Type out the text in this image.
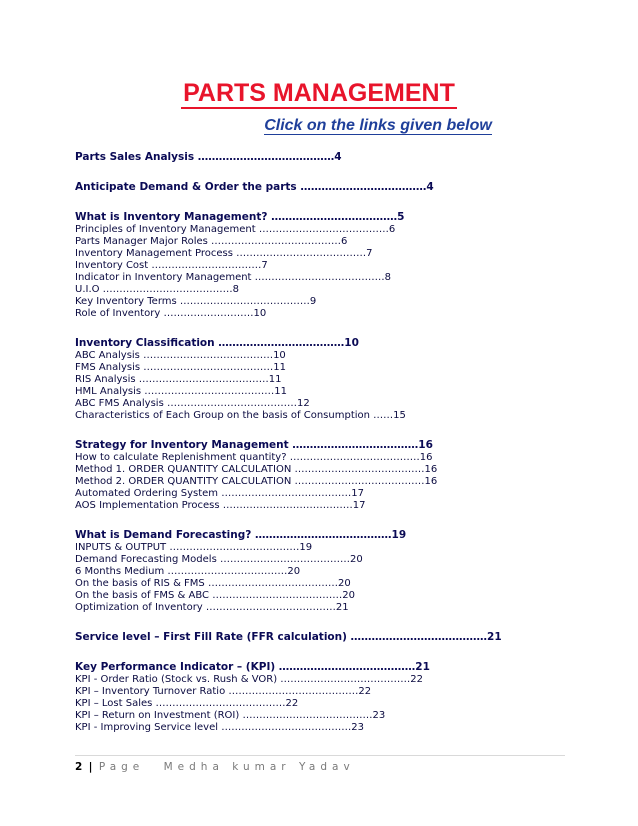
PARTS MANAGEMENT
Click on the links given below
Parts Sales Analysis …………………………………4
Anticipate Demand & Order the parts ………………………………4
What is Inventory Management? ………………………………5
Principles of Inventory Management …………………………………6
Parts Manager Major Roles …………………………………6
Inventory Management Process …………………………………7
Inventory Cost ……………………………7
Indicator in Inventory Management …………………………………8
U.I.O …………………………………8
Key Inventory Terms …………………………………9
Role of Inventory ………………………10
Inventory Classification ………………………………10
ABC Analysis …………………………………10
FMS Analysis …………………………………11
RIS Analysis …………………………………11
HML Analysis …………………………………11
ABC FMS Analysis …………………………………12
Characteristics of Each Group on the basis of Consumption ……15
Strategy for Inventory Management ………………………………16
How to calculate Replenishment quantity? …………………………………16
Method 1. ORDER QUANTITY CALCULATION …………………………………16
Method 2. ORDER QUANTITY CALCULATION …………………………………16
Automated Ordering System …………………………………17
AOS Implementation Process …………………………………17
What is Demand Forecasting? …………………………………19
INPUTS & OUTPUT …………………………………19
Demand Forecasting Models …………………………………20
6 Months Medium ………………………………20
On the basis of RIS & FMS …………………………………20
On the basis of FMS & ABC …………………………………20
Optimization of Inventory …………………………………21
Service level – First Fill Rate (FFR calculation) …………………………………21
Key Performance Indicator – (KPI) …………………………………21
KPI - Order Ratio (Stock vs. Rush & VOR) …………………………………22
KPI – Inventory Turnover Ratio …………………………………22
KPI – Lost Sales …………………………………22
KPI – Return on Investment (ROI) …………………………………23
KPI - Improving Service level …………………………………23
2 | Page Medha kumar Yadav
